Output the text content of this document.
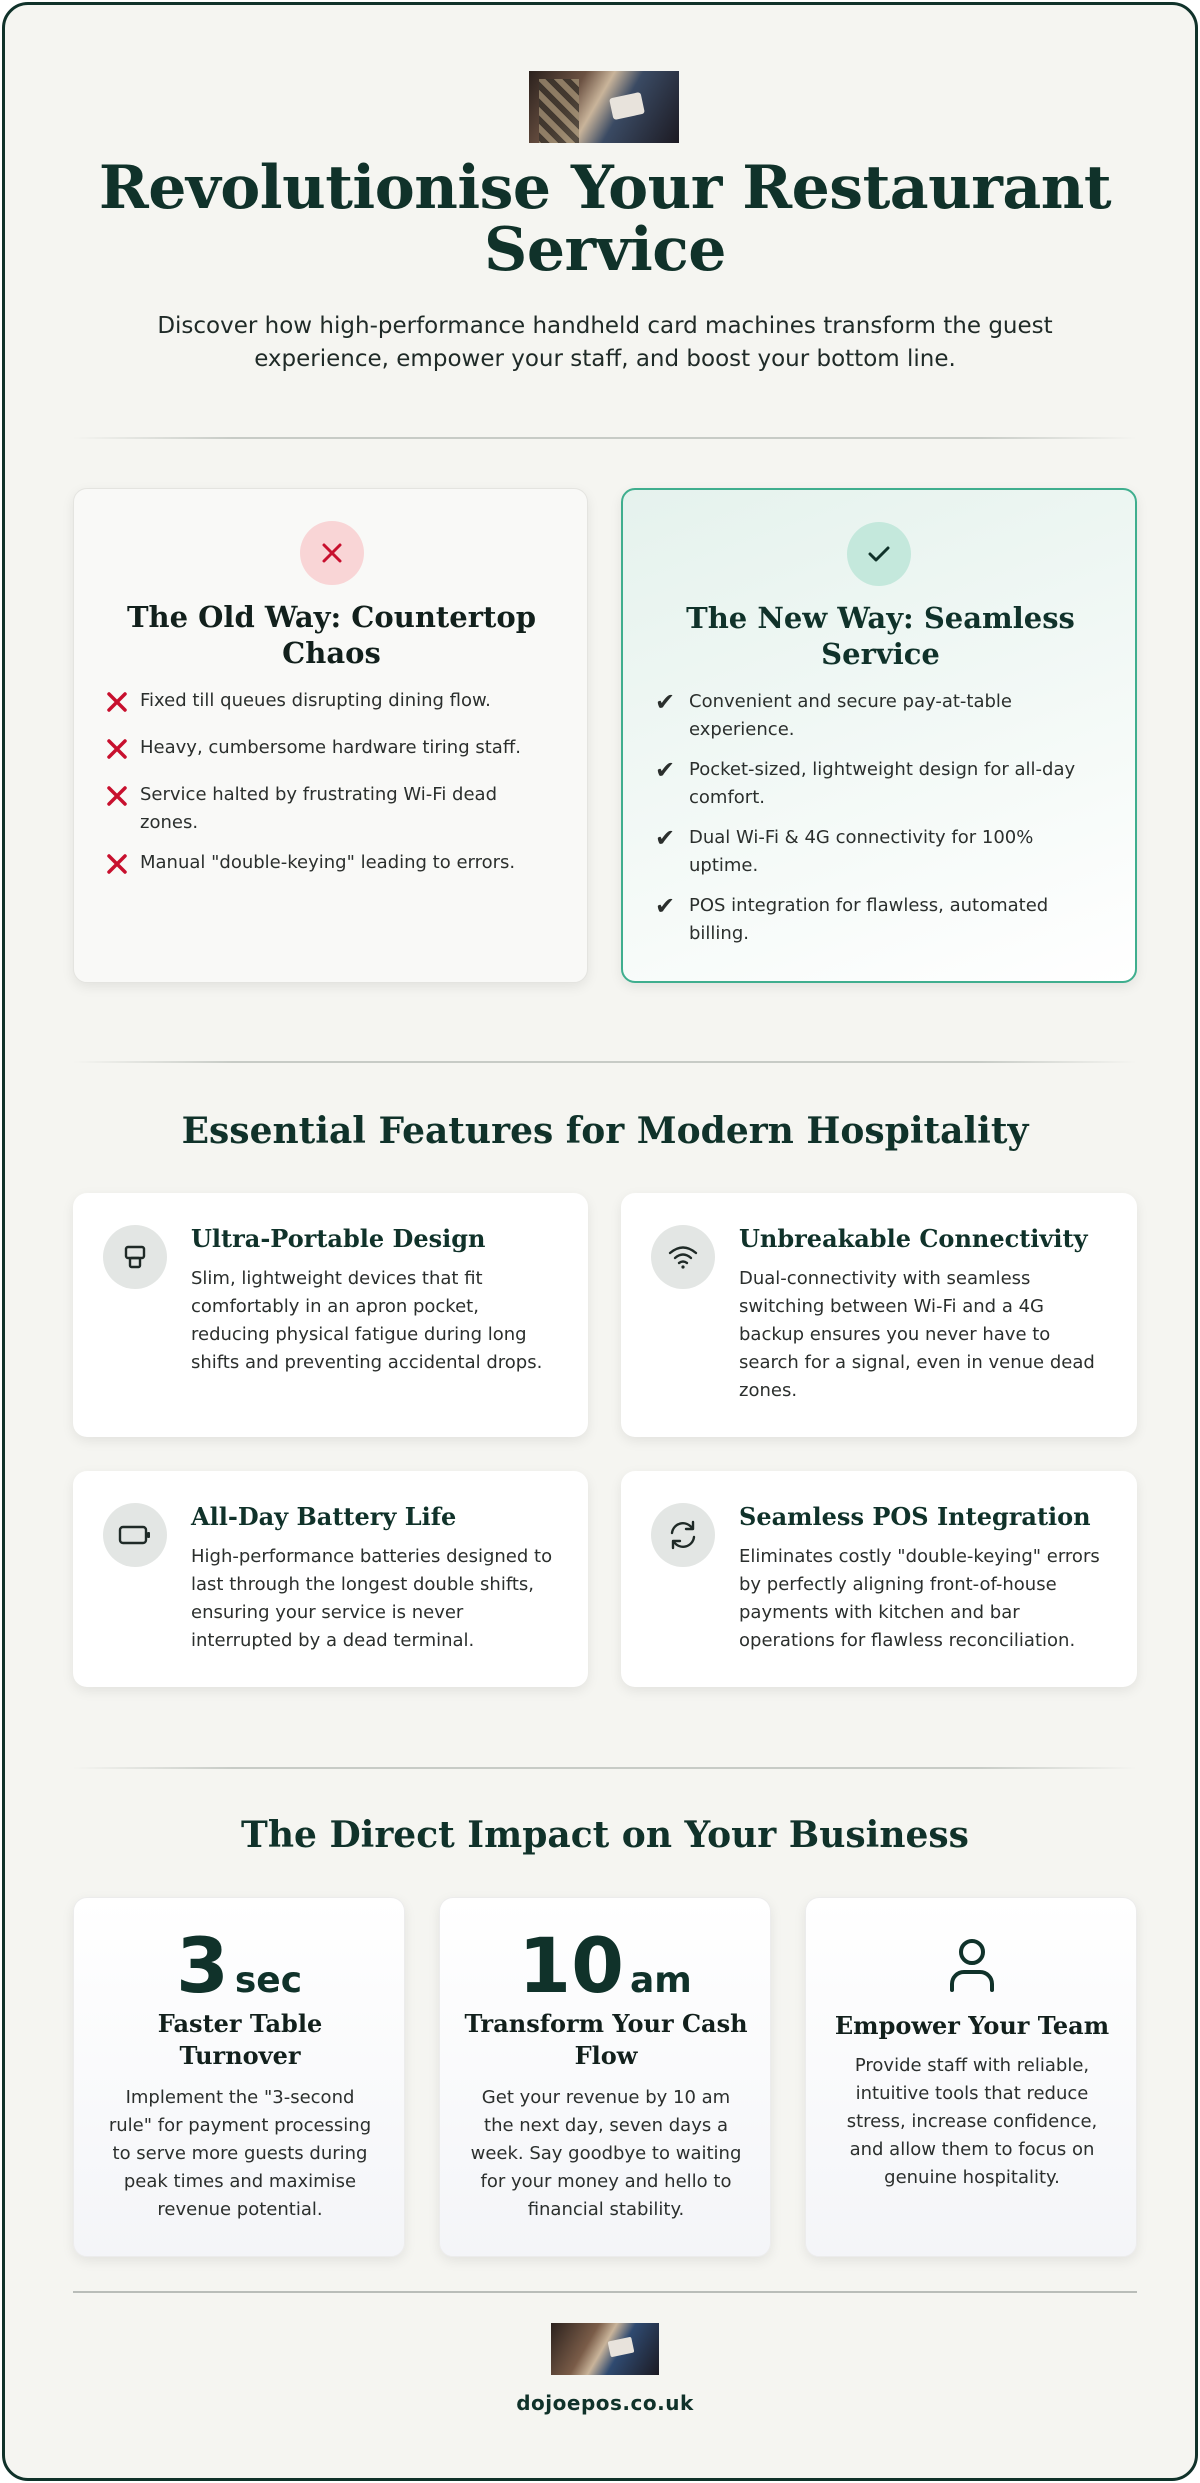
Revolutionise Your Restaurant Service

Discover how high-performance handheld card machines transform the guest experience, empower your staff, and boost your bottom line.

The Old Way: Countertop Chaos
Fixed till queues disrupting dining flow.
Heavy, cumbersome hardware tiring staff.
Service halted by frustrating Wi-Fi dead zones.
Manual "double-keying" leading to errors.
The New Way: Seamless Service
✔ Convenient and secure pay-at-table experience.
✔ Pocket-sized, lightweight design for all-day comfort.
✔ Dual Wi-Fi & 4G connectivity for 100% uptime.
✔ POS integration for flawless, automated billing.
Essential Features for Modern Hospitality
Ultra-Portable Design

Slim, lightweight devices that fit comfortably in an apron pocket, reducing physical fatigue during long shifts and preventing accidental drops.

Unbreakable Connectivity

Dual-connectivity with seamless switching between Wi-Fi and a 4G backup ensures you never have to search for a signal, even in venue dead zones.

All-Day Battery Life

High-performance batteries designed to last through the longest double shifts, ensuring your service is never interrupted by a dead terminal.

Seamless POS Integration

Eliminates costly "double-keying" errors by perfectly aligning front-of-house payments with kitchen and bar operations for flawless reconciliation.

The Direct Impact on Your Business
3 sec
Faster Table Turnover

Implement the "3-second rule" for payment processing to serve more guests during peak times and maximise revenue potential.

10 am
Transform Your Cash Flow

Get your revenue by 10 am the next day, seven days a week. Say goodbye to waiting for your money and hello to financial stability.

Empower Your Team

Provide staff with reliable, intuitive tools that reduce stress, increase confidence, and allow them to focus on genuine hospitality.

dojoepos.co.uk
